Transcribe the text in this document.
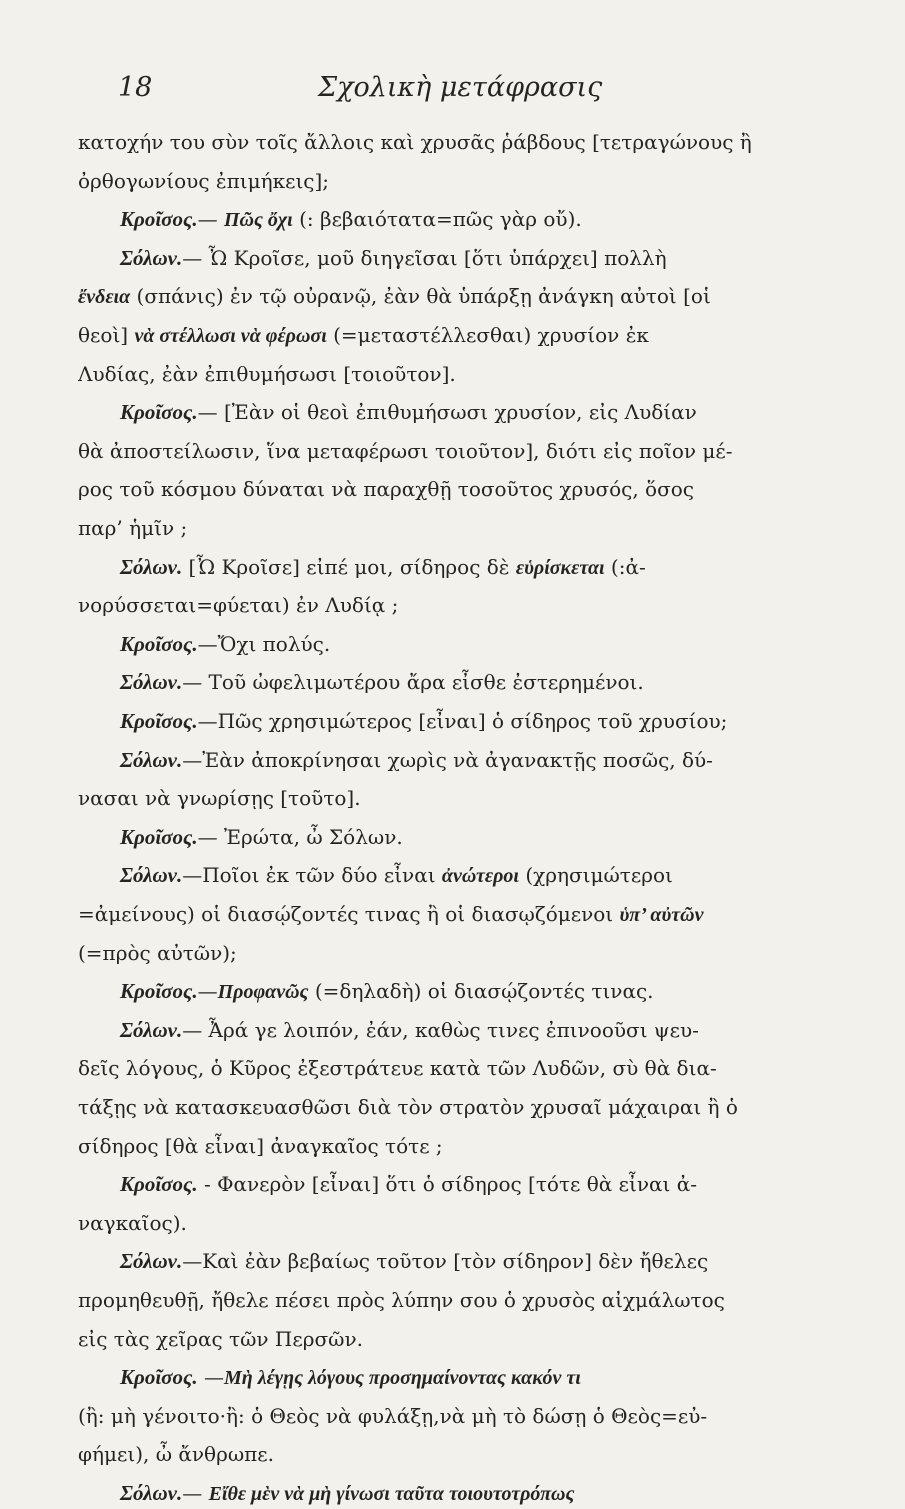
18	Σχολικὴ μετάφρασις
κατοχήν του σὺν τοῖς ἄλλοις καὶ χρυσᾶς ῥάβδους [τετραγώνους ἢ
ὀρθογωνίους ἐπιμήκεις];
Κροῖσος.— Πῶς ὄχι (: βεβαιότατα=πῶς γὰρ οὔ).
Σόλων.— Ὦ Κροῖσε, μοῦ διηγεῖσαι [ὅτι ὑπάρχει] πολλὴ
ἔνδεια (σπάνις) ἐν τῷ οὐρανῷ, ἐὰν θὰ ὑπάρξῃ ἀνάγκη αὐτοὶ [οἱ
θεοὶ] νὰ στέλλωσι νὰ φέρωσι (=μεταστέλλεσθαι) χρυσίον ἐκ
Λυδίας, ἐὰν ἐπιθυμήσωσι [τοιοῦτον].
Κροῖσος.— [Ἐὰν οἱ θεοὶ ἐπιθυμήσωσι χρυσίον, εἰς Λυδίαν
θὰ ἀποστείλωσιν, ἵνα μεταφέρωσι τοιοῦτον], διότι εἰς ποῖον μέ-
ρος τοῦ κόσμου δύναται νὰ παραχθῇ τοσοῦτος χρυσός, ὅσος
παρ’ ἡμῖν ;
Σόλων. [Ὦ Κροῖσε] εἰπέ μοι, σίδηρος δὲ εὑρίσκεται (:ἀ-
νορύσσεται=φύεται) ἐν Λυδίᾳ ;
Κροῖσος.—Ὄχι πολύς.
Σόλων.— Τοῦ ὠφελιμωτέρου ἄρα εἶσθε ἐστερημένοι.
Κροῖσος.—Πῶς χρησιμώτερος [εἶναι] ὁ σίδηρος τοῦ χρυσίου;
Σόλων.—Ἐὰν ἀποκρίνησαι χωρὶς νὰ ἀγανακτῇς ποσῶς, δύ-
νασαι νὰ γνωρίσῃς [τοῦτο].
Κροῖσος.— Ἐρώτα, ὦ Σόλων.
Σόλων.—Ποῖοι ἐκ τῶν δύο εἶναι ἀνώτεροι (χρησιμώτεροι
=ἀμείνους) οἱ διασῴζοντές τινας ἢ οἱ διασῳζόμενοι ὑπ’ αὐτῶν
(=πρὸς αὐτῶν);
Κροῖσος.—Προφανῶς (=δηλαδὴ) οἱ διασῴζοντές τινας.
Σόλων.— Ἆρά γε λοιπόν, ἐάν, καθὼς τινες ἐπινοοῦσι ψευ-
δεῖς λόγους, ὁ Κῦρος ἐξεστράτευε κατὰ τῶν Λυδῶν, σὺ θὰ δια-
τάξῃς νὰ κατασκευασθῶσι διὰ τὸν στρατὸν χρυσαῖ μάχαιραι ἢ ὁ
σίδηρος [θὰ εἶναι] ἀναγκαῖος τότε ;
Κροῖσος. - Φανερὸν [εἶναι] ὅτι ὁ σίδηρος [τότε θὰ εἶναι ἀ-
ναγκαῖος).
Σόλων.—Καὶ ἐὰν βεβαίως τοῦτον [τὸν σίδηρον] δὲν ἤθελες
προμηθευθῇ, ἤθελε πέσει πρὸς λύπην σου ὁ χρυσὸς αἰχμάλωτος
εἰς τὰς χεῖρας τῶν Περσῶν.
Κροῖσος. —Μὴ λέγῃς λόγους προσημαίνοντας κακόν τι
(ἢ: μὴ γένοιτο·ἢ: ὁ Θεὸς νὰ φυλάξῃ,νὰ μὴ τὸ δώσῃ ὁ Θεὸς=εὐ-
φήμει), ὦ ἄνθρωπε.
Σόλων.— Εἴθε μὲν νὰ μὴ γίνωσι ταῦτα τοιουτοτρόπως
